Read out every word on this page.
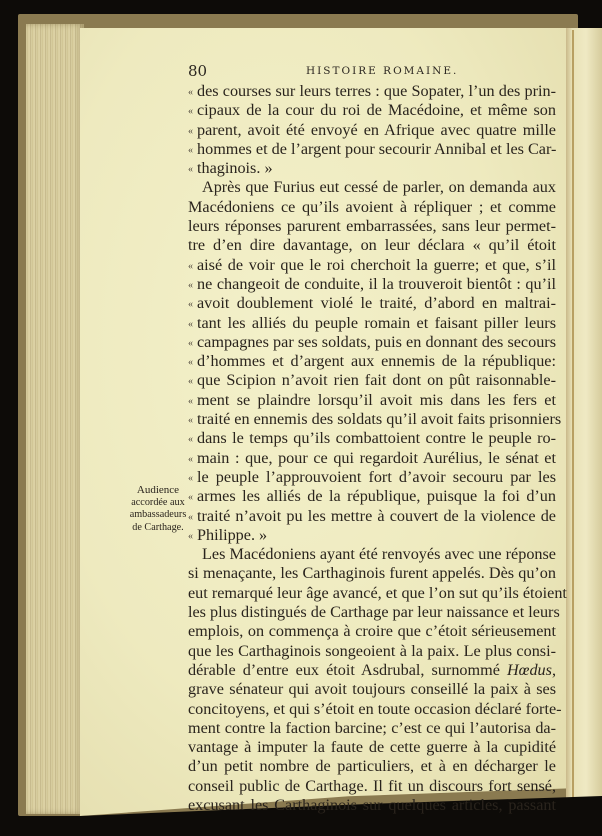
80	HISTOIRE ROMAINE.
Audience
accordée aux
ambassadeurs
de Carthage.
« des courses sur leurs terres : que Sopater, l’un des prin-
« cipaux de la cour du roi de Macédoine, et même son
« parent, avoit été envoyé en Afrique avec quatre mille
« hommes et de l’argent pour secourir Annibal et les Car-
« thaginois. »
Après que Furius eut cessé de parler, on demanda aux
Macédoniens ce qu’ils avoient à répliquer ; et comme
leurs réponses parurent embarrassées, sans leur permet-
tre d’en dire davantage, on leur déclara « qu’il étoit
« aisé de voir que le roi cherchoit la guerre; et que, s’il
« ne changeoit de conduite, il la trouveroit bientôt : qu’il
« avoit doublement violé le traité, d’abord en maltrai-
« tant les alliés du peuple romain et faisant piller leurs
« campagnes par ses soldats, puis en donnant des secours
« d’hommes et d’argent aux ennemis de la république:
« que Scipion n’avoit rien fait dont on pût raisonnable-
« ment se plaindre lorsqu’il avoit mis dans les fers et
« traité en ennemis des soldats qu’il avoit faits prisonniers
« dans le temps qu’ils combattoient contre le peuple ro-
« main : que, pour ce qui regardoit Aurélius, le sénat et
« le peuple l’approuvoient fort d’avoir secouru par les
« armes les alliés de la république, puisque la foi d’un
« traité n’avoit pu les mettre à couvert de la violence de
« Philippe. »
Les Macédoniens ayant été renvoyés avec une réponse
si menaçante, les Carthaginois furent appelés. Dès qu’on
eut remarqué leur âge avancé, et que l’on sut qu’ils étoient
les plus distingués de Carthage par leur naissance et leurs
emplois, on commença à croire que c’étoit sérieusement
que les Carthaginois songeoient à la paix. Le plus consi-
dérable d’entre eux étoit Asdrubal, surnommé Hœdus,
grave sénateur qui avoit toujours conseillé la paix à ses
concitoyens, et qui s’étoit en toute occasion déclaré forte-
ment contre la faction barcine; c’est ce qui l’autorisa da-
vantage à imputer la faute de cette guerre à la cupidité
d’un petit nombre de particuliers, et à en décharger le
conseil public de Carthage. Il fit un discours fort sensé,
excusant les Carthaginois sur quelques articles, passant
